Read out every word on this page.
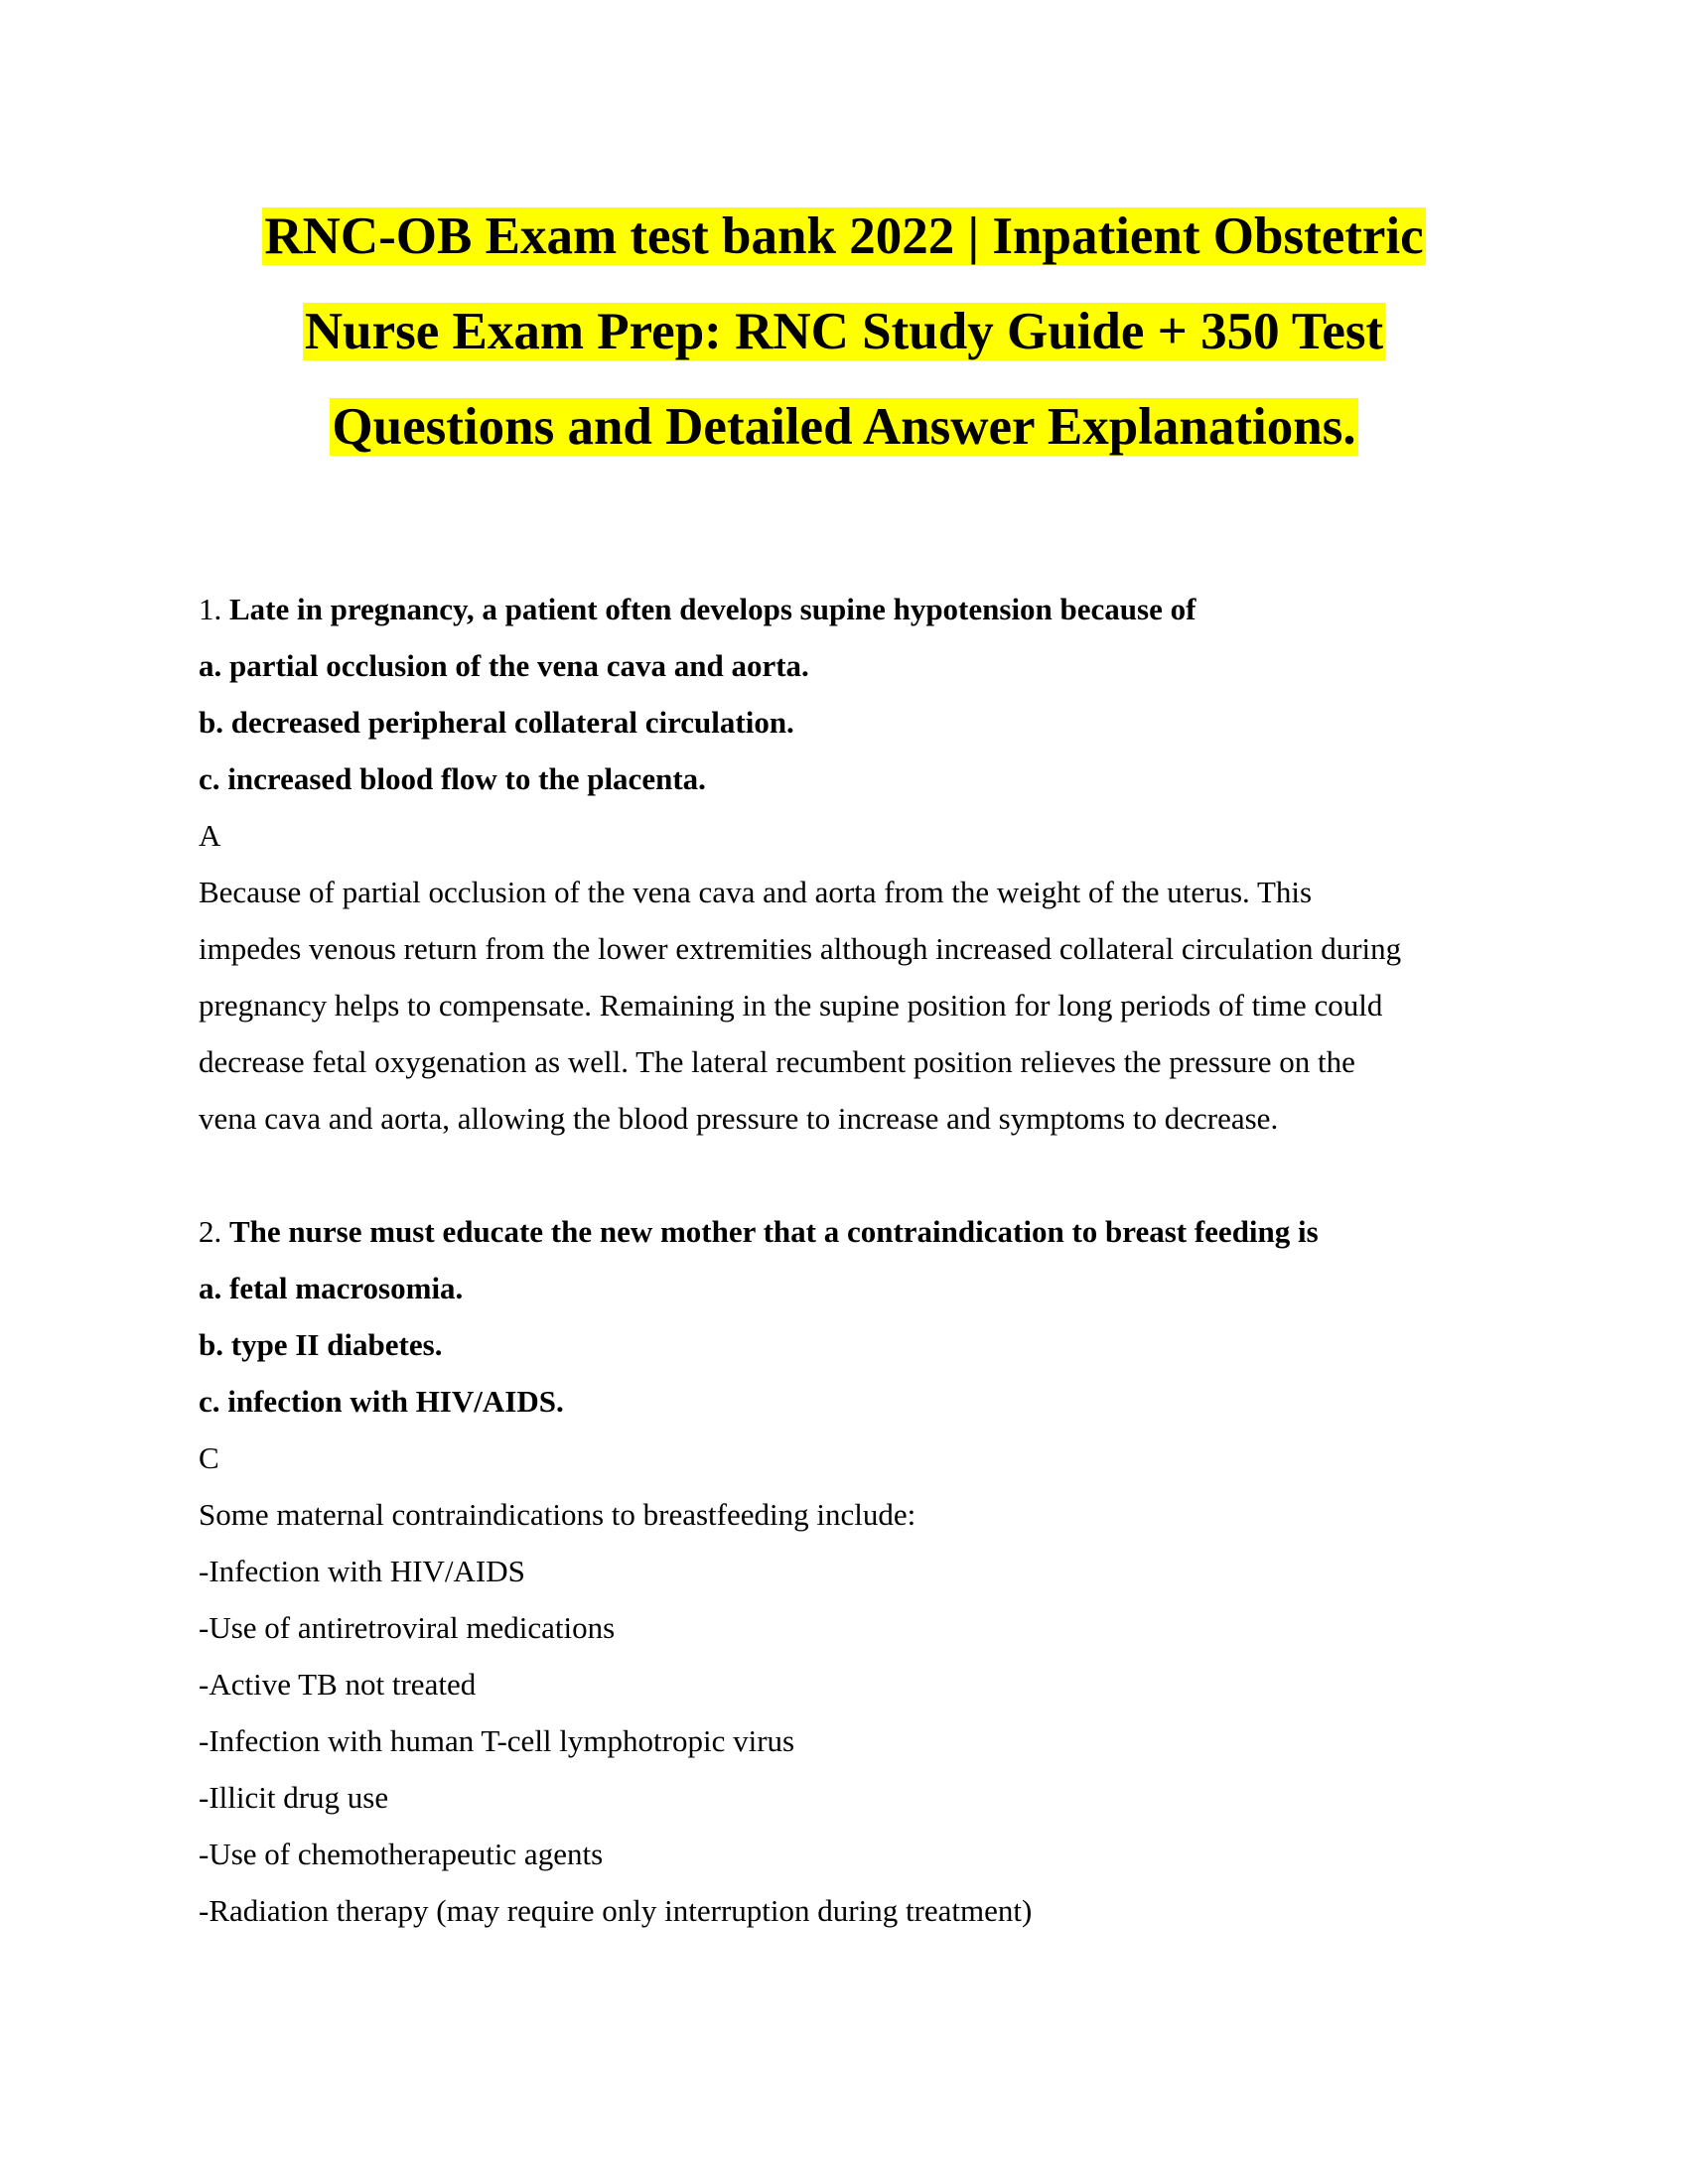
RNC-OB Exam test bank 2022 | Inpatient Obstetric
Nurse Exam Prep: RNC Study Guide + 350 Test
Questions and Detailed Answer Explanations.
1. Late in pregnancy, a patient often develops supine hypotension because of
a. partial occlusion of the vena cava and aorta.
b. decreased peripheral collateral circulation.
c. increased blood flow to the placenta.
A
Because of partial occlusion of the vena cava and aorta from the weight of the uterus. This
impedes venous return from the lower extremities although increased collateral circulation during
pregnancy helps to compensate. Remaining in the supine position for long periods of time could
decrease fetal oxygenation as well. The lateral recumbent position relieves the pressure on the
vena cava and aorta, allowing the blood pressure to increase and symptoms to decrease.
2. The nurse must educate the new mother that a contraindication to breast feeding is
a. fetal macrosomia.
b. type II diabetes.
c. infection with HIV/AIDS.
C
Some maternal contraindications to breastfeeding include:
-Infection with HIV/AIDS
-Use of antiretroviral medications
-Active TB not treated
-Infection with human T-cell lymphotropic virus
-Illicit drug use
-Use of chemotherapeutic agents
-Radiation therapy (may require only interruption during treatment)
